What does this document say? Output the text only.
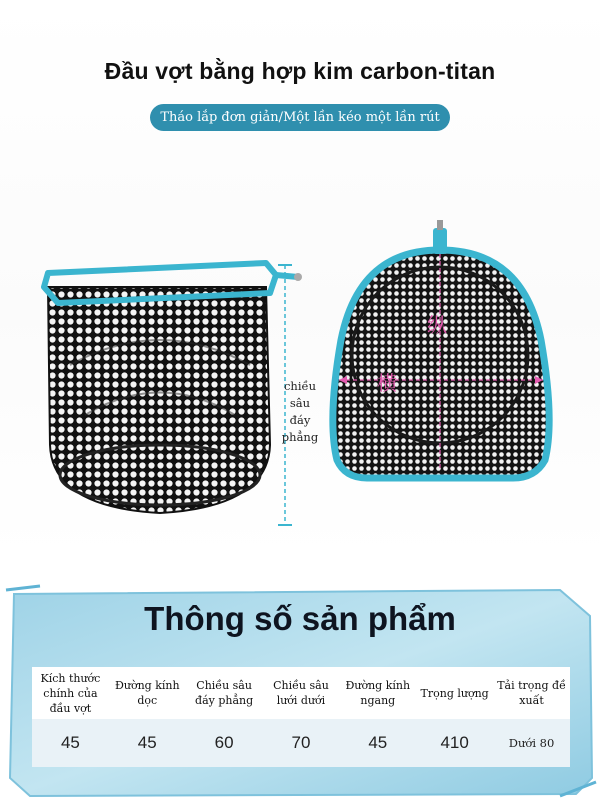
Đầu vợt bằng hợp kim carbon-titan
Tháo lắp đơn giản/Một lần kéo một lần rút
chiều
sâu
đáy
phẳng
纵
横
Thông số sản phẩm
Kích thước chính của đầu vợt	Đường kính dọc	Chiều sâu đáy phẳng	Chiều sâu lưới dưới	Đường kính ngang	Trọng lượng	Tải trọng đề xuất
45	45	60	70	45	410	Dưới 80
